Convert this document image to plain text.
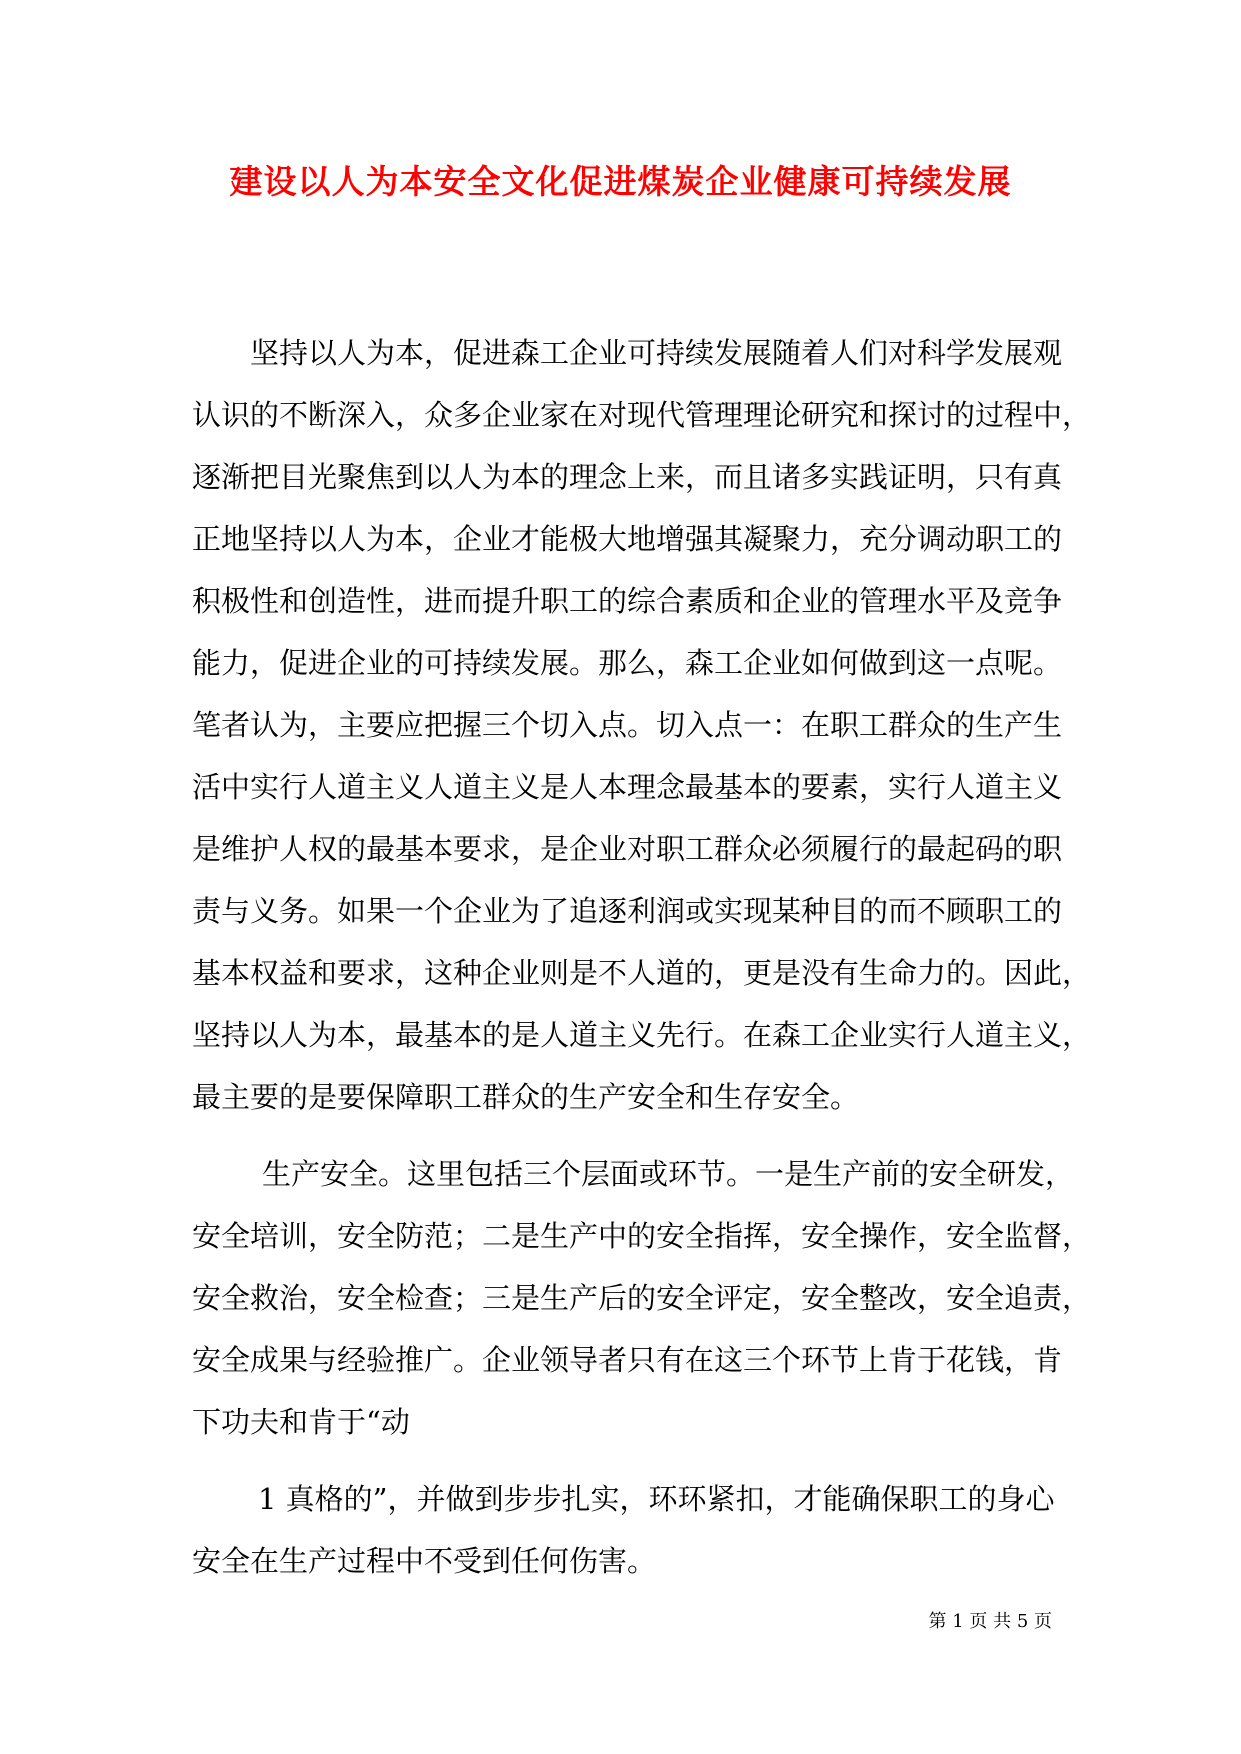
建设以人为本安全文化促进煤炭企业健康可持续发展
坚持以人为本，促进森工企业可持续发展随着人们对科学发展观
认识的不断深入，众多企业家在对现代管理理论研究和探讨的过程中，
逐渐把目光聚焦到以人为本的理念上来，而且诸多实践证明，只有真
正地坚持以人为本，企业才能极大地增强其凝聚力，充分调动职工的
积极性和创造性，进而提升职工的综合素质和企业的管理水平及竞争
能力，促进企业的可持续发展。那么，森工企业如何做到这一点呢。
笔者认为，主要应把握三个切入点。切入点一：在职工群众的生产生
活中实行人道主义人道主义是人本理念最基本的要素，实行人道主义
是维护人权的最基本要求，是企业对职工群众必须履行的最起码的职
责与义务。如果一个企业为了追逐利润或实现某种目的而不顾职工的
基本权益和要求，这种企业则是不人道的，更是没有生命力的。因此，
坚持以人为本，最基本的是人道主义先行。在森工企业实行人道主义，
最主要的是要保障职工群众的生产安全和生存安全。
生产安全。这里包括三个层面或环节。一是生产前的安全研发，
安全培训，安全防范；二是生产中的安全指挥，安全操作，安全监督，
安全救治，安全检查；三是生产后的安全评定，安全整改，安全追责，
安全成果与经验推广。企业领导者只有在这三个环节上肯于花钱，肯
下功夫和肯于“动
1 真格的”，并做到步步扎实，环环紧扣，才能确保职工的身心
安全在生产过程中不受到任何伤害。
第 1 页 共 5 页
